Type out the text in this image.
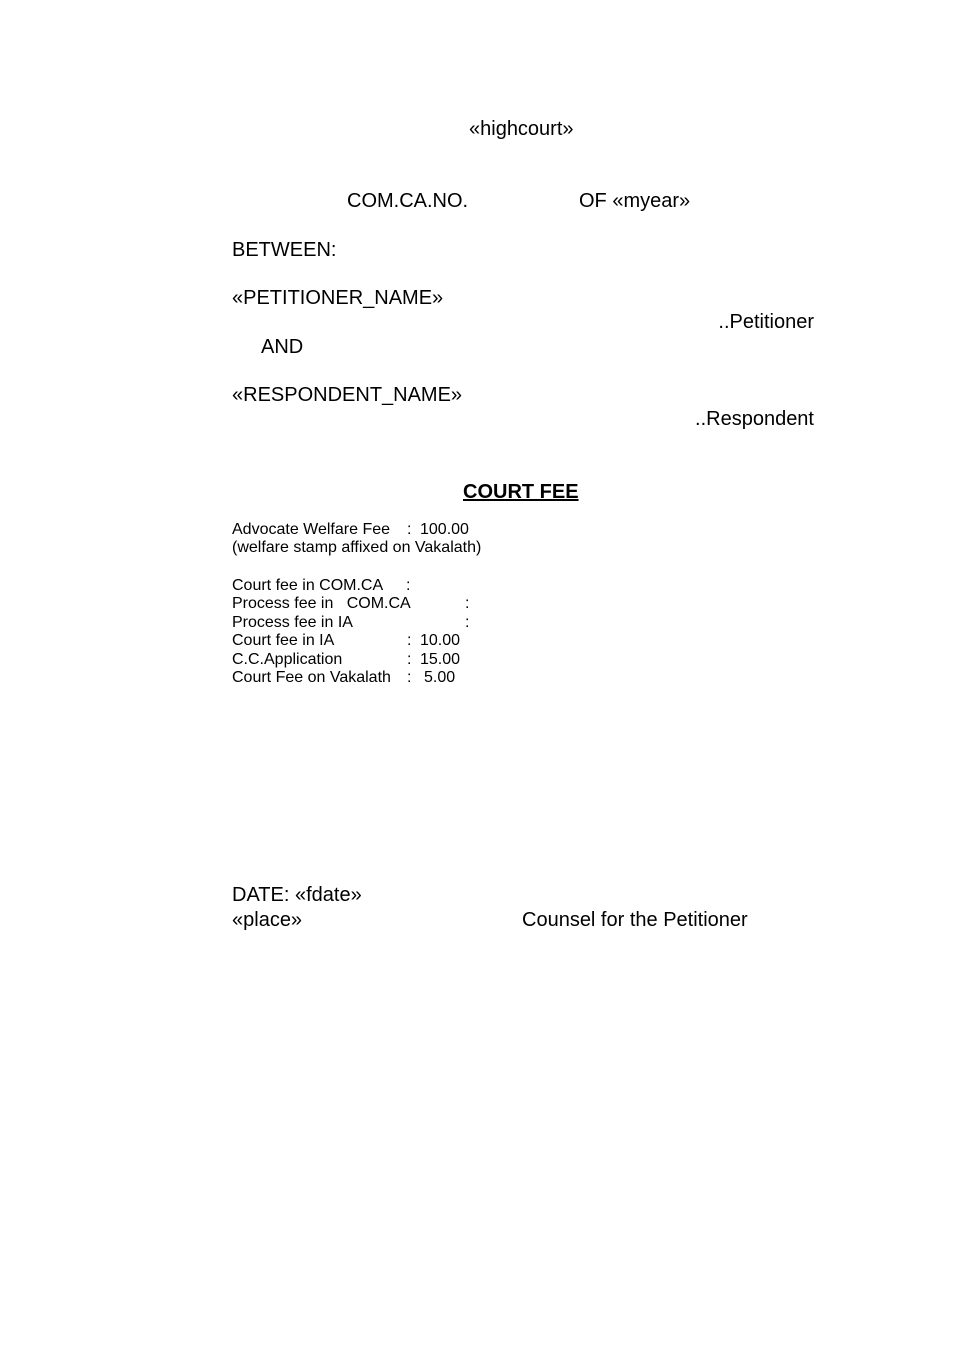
«highcourt»
COM.CA.NO.	OF «myear»
BETWEEN:
«PETITIONER_NAME»
..Petitioner
AND
«RESPONDENT_NAME»
..Respondent
COURT FEE
Advocate Welfare Fee : 100.00
(welfare stamp affixed on Vakalath)
Court fee in COM.CA :
Process fee in   COM.CA	:
Process fee in IA	:
Court fee in IA	: 10.00
C.C.Application	: 15.00
Court Fee on Vakalath : 5.00
DATE: «fdate»
«place»	Counsel for the Petitioner
